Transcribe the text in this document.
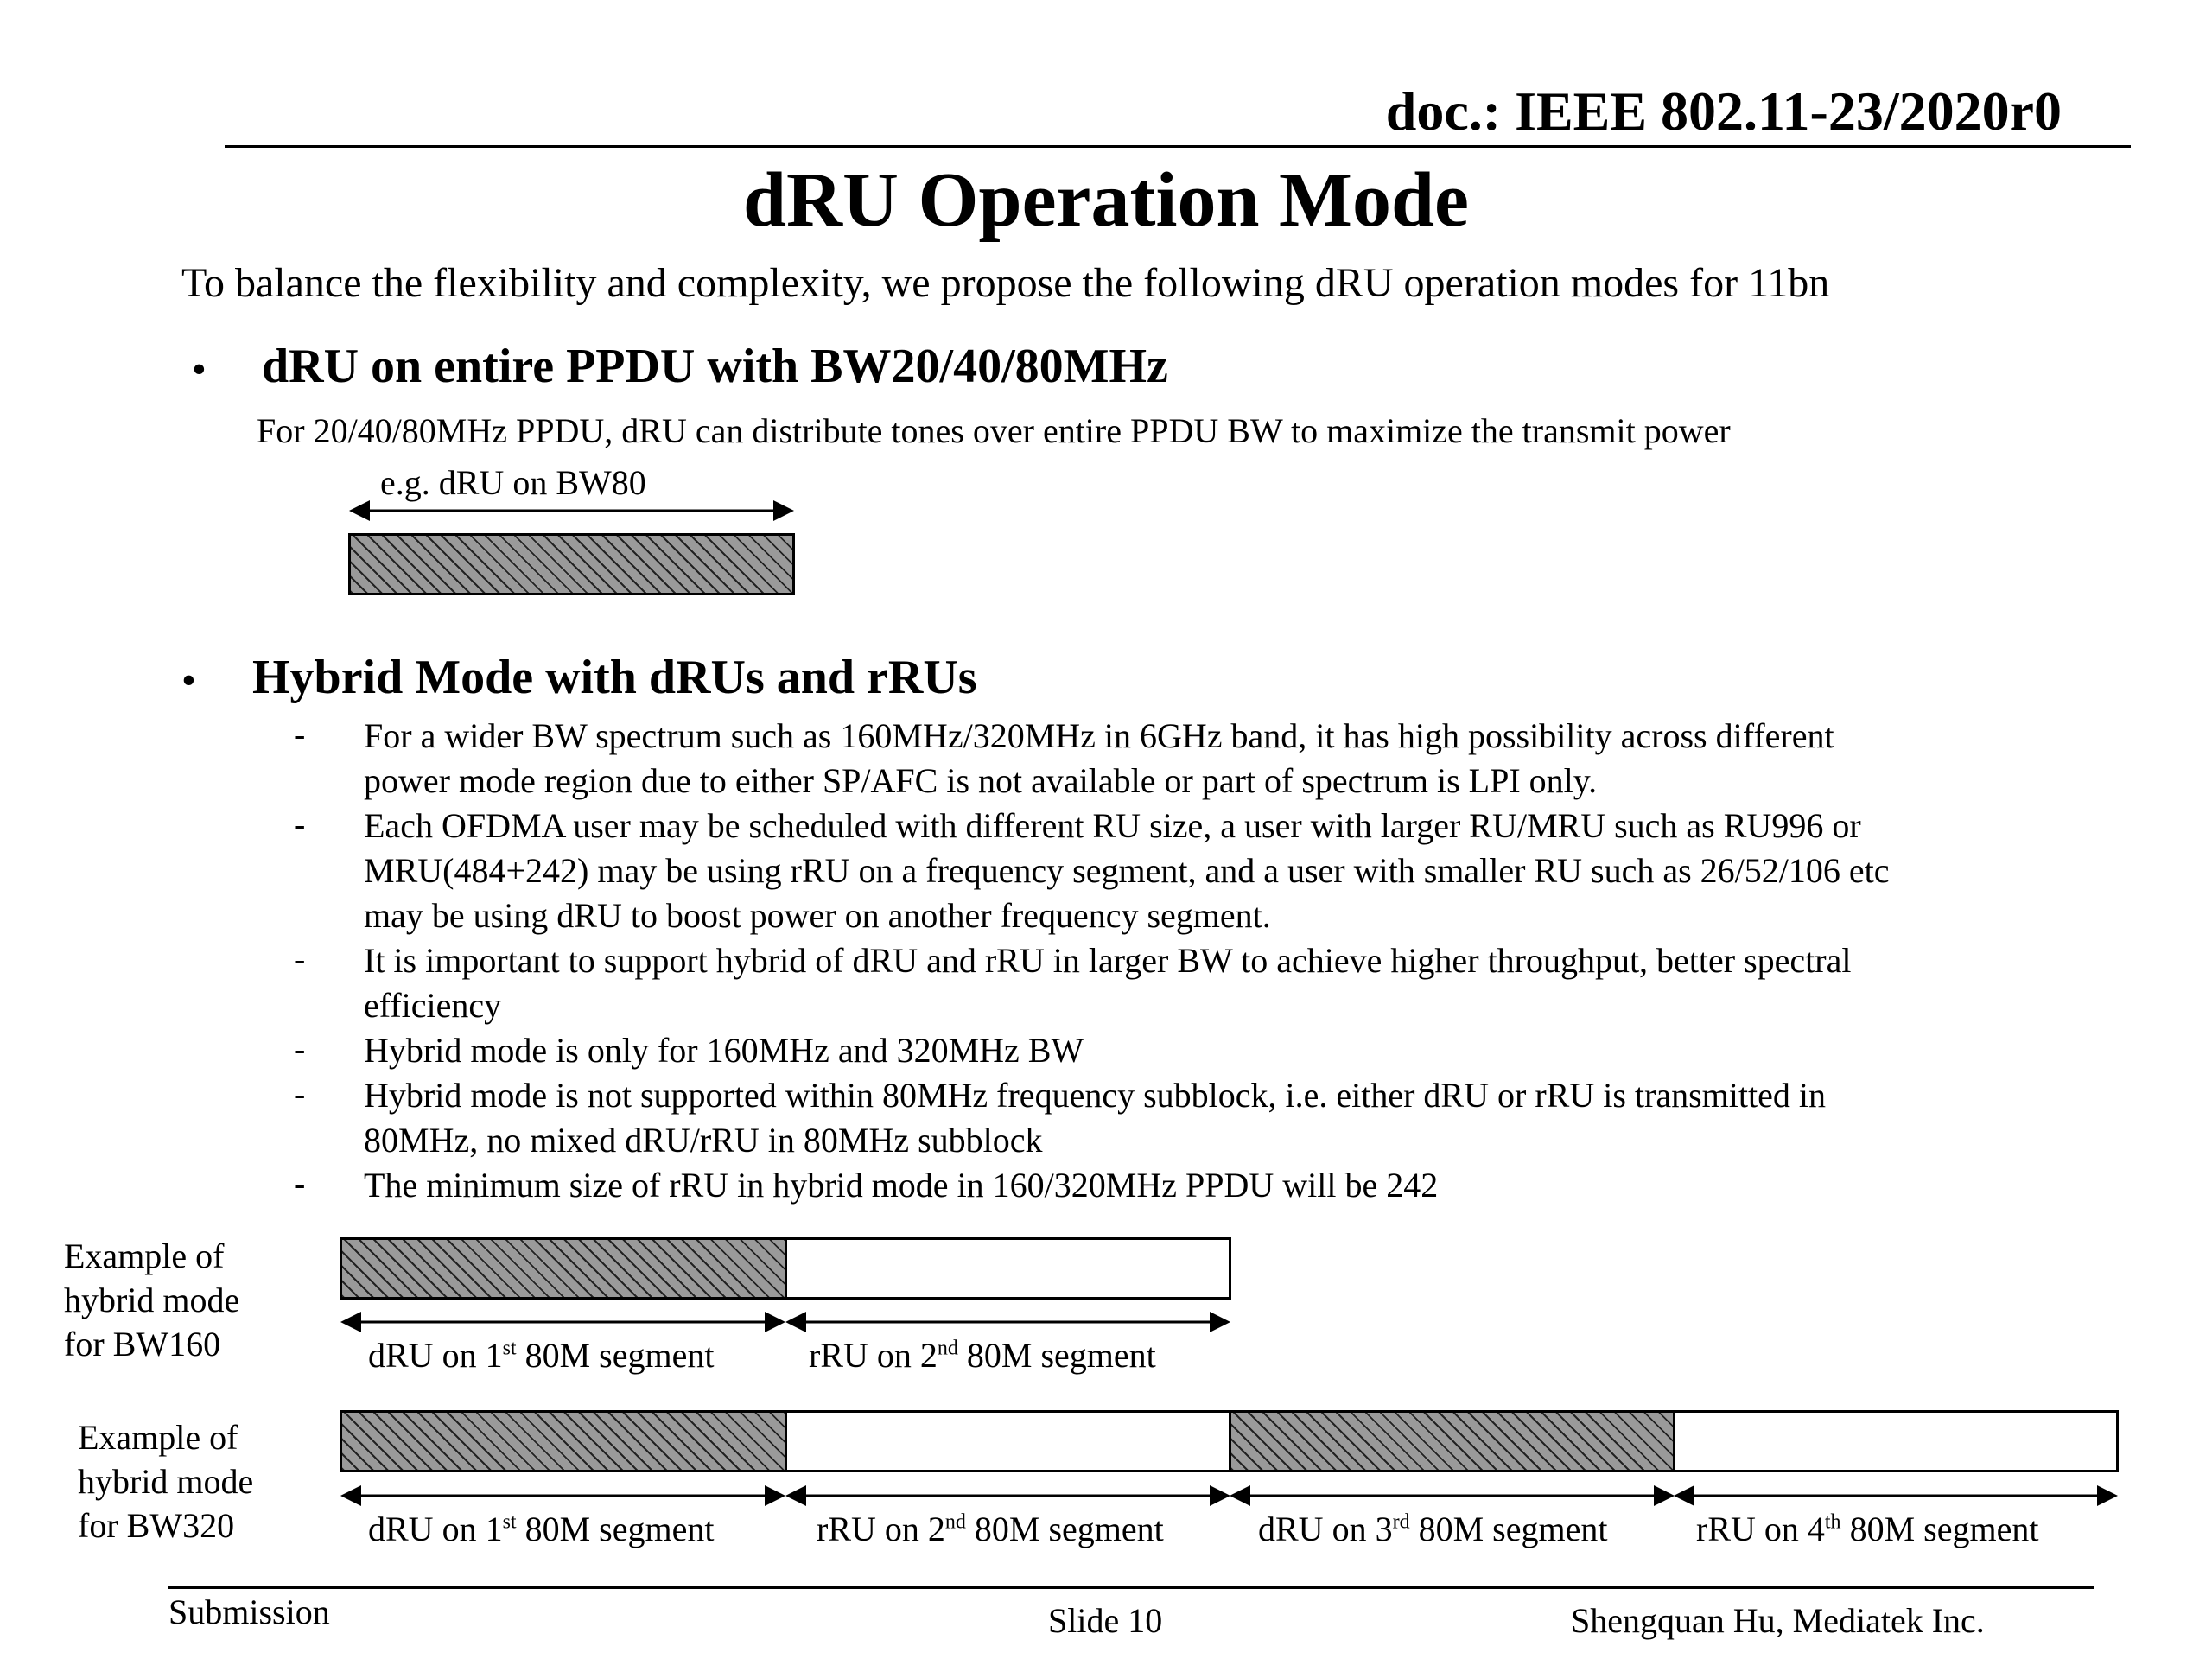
doc.: IEEE 802.11-23/2020r0
dRU Operation Mode
To balance the flexibility and complexity, we propose the following dRU operation modes for 11bn
• dRU on entire PPDU with BW20/40/80MHz
For 20/40/80MHz PPDU, dRU can distribute tones over entire PPDU BW to maximize the transmit power
e.g. dRU on BW80
• Hybrid Mode with dRUs and rRUs
- For a wider BW spectrum such as 160MHz/320MHz in 6GHz band, it has high possibility across different
power mode region due to either SP/AFC is not available or part of spectrum is LPI only.
- Each OFDMA user may be scheduled with different RU size, a user with larger RU/MRU such as RU996 or
MRU(484+242) may be using rRU on a frequency segment, and a user with smaller RU such as 26/52/106 etc
may be using dRU to boost power on another frequency segment.
- It is important to support hybrid of dRU and rRU in larger BW to achieve higher throughput, better spectral
efficiency
- Hybrid mode is only for 160MHz and 320MHz BW
- Hybrid mode is not supported within 80MHz frequency subblock, i.e. either dRU or rRU is transmitted in
80MHz, no mixed dRU/rRU in 80MHz subblock
- The minimum size of rRU in hybrid mode in 160/320MHz PPDU will be 242
Example of
hybrid mode
for BW160	dRU on 1st 80M segment	rRU on 2nd 80M segment
Example of
hybrid mode
for BW320	dRU on 1st 80M segment	rRU on 2nd 80M segment	dRU on 3rd 80M segment	rRU on 4th 80M segment
Submission	Slide 10	Shengquan Hu, Mediatek Inc.
